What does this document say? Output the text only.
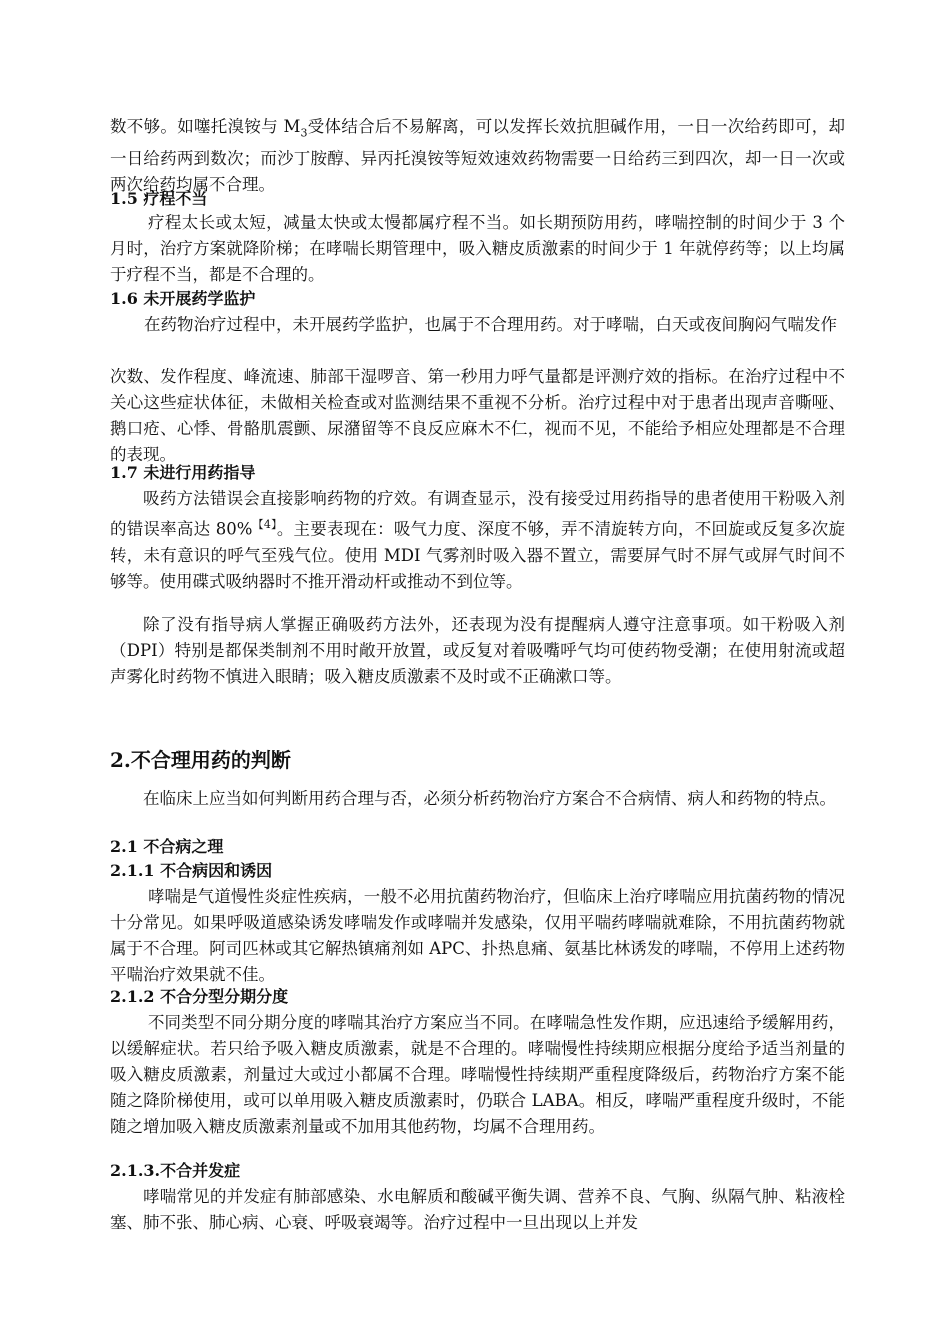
数不够。如噻托溴铵与 $M_3$受体结合后不易解离，可以发挥长效抗胆碱作用，一日一次给药即可，却一日给药两到数次；而沙丁胺醇、异丙托溴铵等短效速效药物需要一日给药三到四次，却一日一次或两次给药均属不合理。

1.5 疗程不当

疗程太长或太短，减量太快或太慢都属疗程不当。如长期预防用药，哮喘控制的时间少于 3 个月时，治疗方案就降阶梯；在哮喘长期管理中，吸入糖皮质激素的时间少于 1 年就停药等；以上均属于疗程不当，都是不合理的。

1.6 未开展药学监护

在药物治疗过程中，未开展药学监护，也属于不合理用药。对于哮喘，白天或夜间胸闷气喘发作

次数、发作程度、峰流速、肺部干湿啰音、第一秒用力呼气量都是评测疗效的指标。在治疗过程中不关心这些症状体征，未做相关检查或对监测结果不重视不分析。治疗过程中对于患者出现声音嘶哑、鹅口疮、心悸、骨骼肌震颤、尿潴留等不良反应麻木不仁，视而不见，不能给予相应处理都是不合理的表现。

1.7 未进行用药指导

吸药方法错误会直接影响药物的疗效。有调查显示，没有接受过用药指导的患者使用干粉吸入剂的错误率高达 80%$^{【4】}$。主要表现在：吸气力度、深度不够，弄不清旋转方向，不回旋或反复多次旋转，未有意识的呼气至残气位。使用 MDI 气雾剂时吸入器不置立，需要屏气时不屏气或屏气时间不够等。使用碟式吸纳器时不推开滑动杆或推动不到位等。

除了没有指导病人掌握正确吸药方法外，还表现为没有提醒病人遵守注意事项。如干粉吸入剂（DPI）特别是都保类制剂不用时敞开放置，或反复对着吸嘴呼气均可使药物受潮；在使用射流或超声雾化时药物不慎进入眼睛；吸入糖皮质激素不及时或不正确漱口等。

2.不合理用药的判断

在临床上应当如何判断用药合理与否，必须分析药物治疗方案合不合病情、病人和药物的特点。

2.1 不合病之理
2.1.1 不合病因和诱因

哮喘是气道慢性炎症性疾病，一般不必用抗菌药物治疗，但临床上治疗哮喘应用抗菌药物的情况十分常见。如果呼吸道感染诱发哮喘发作或哮喘并发感染，仅用平喘药哮喘就难除，不用抗菌药物就属于不合理。阿司匹林或其它解热镇痛剂如 APC、扑热息痛、氨基比林诱发的哮喘，不停用上述药物平喘治疗效果就不佳。

2.1.2 不合分型分期分度

不同类型不同分期分度的哮喘其治疗方案应当不同。在哮喘急性发作期，应迅速给予缓解用药，以缓解症状。若只给予吸入糖皮质激素，就是不合理的。哮喘慢性持续期应根据分度给予适当剂量的吸入糖皮质激素，剂量过大或过小都属不合理。哮喘慢性持续期严重程度降级后，药物治疗方案不能随之降阶梯使用，或可以单用吸入糖皮质激素时，仍联合 LABA。相反，哮喘严重程度升级时，不能随之增加吸入糖皮质激素剂量或不加用其他药物，均属不合理用药。

2.1.3.不合并发症

哮喘常见的并发症有肺部感染、水电解质和酸碱平衡失调、营养不良、气胸、纵隔气肿、粘液栓塞、肺不张、肺心病、心衰、呼吸衰竭等。治疗过程中一旦出现以上并发
